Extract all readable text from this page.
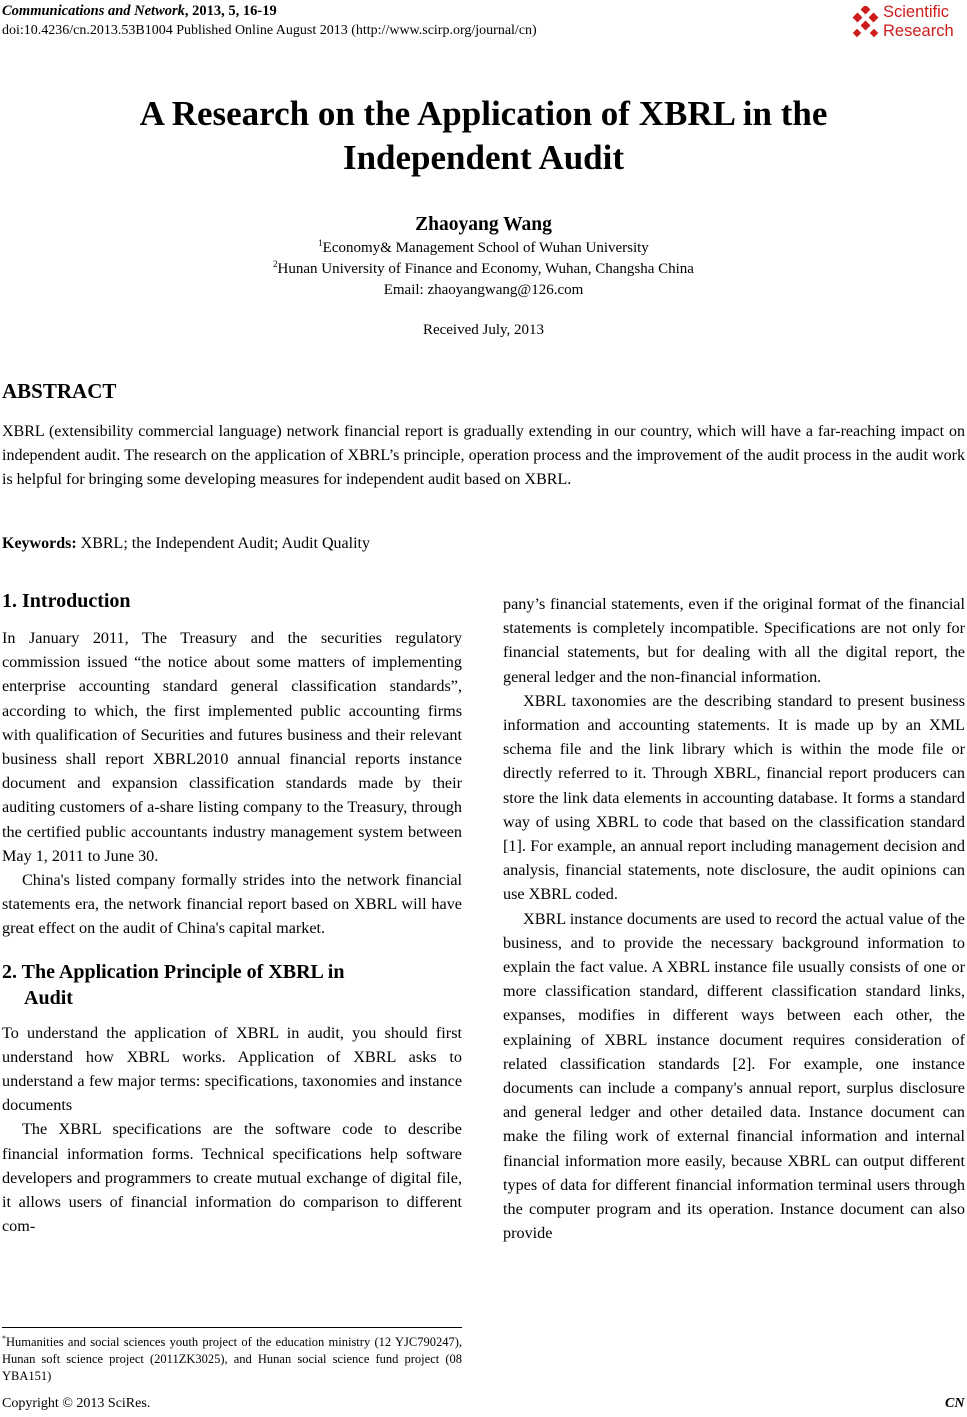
Communications and Network, 2013, 5, 16-19
doi:10.4236/cn.2013.53B1004 Published Online August 2013 (http://www.scirp.org/journal/cn)
Scientific
Research
A Research on the Application of XBRL in the
Independent Audit
Zhaoyang Wang
$^1$Economy& Management School of Wuhan University
$^2$Hunan University of Finance and Economy, Wuhan, Changsha China
Email: zhaoyangwang@126.com
Received July, 2013
ABSTRACT
XBRL (extensibility commercial language) network financial report is gradually extending in our country, which will have a far-reaching impact on independent audit. The research on the application of XBRL’s principle, operation process and the improvement of the audit process in the audit work is helpful for bringing some developing measures for independent audit based on XBRL.
Keywords: XBRL; the Independent Audit; Audit Quality
1. Introduction

In January 2011, The Treasury and the securities regulatory commission issued “the notice about some matters of implementing enterprise accounting standard general classification standards”, according to which, the first implemented public accounting firms with qualification of Securities and futures business and their relevant business shall report XBRL2010 annual financial reports instance document and expansion classification standards made by their auditing customers of a-share listing company to the Treasury, through the certified public accountants industry management system between May 1, 2011 to June 30.

China's listed company formally strides into the network financial statements era, the network financial report based on XBRL will have great effect on the audit of China's capital market.

2. The Application Principle of XBRL in
Audit

To understand the application of XBRL in audit, you should first understand how XBRL works. Application of XBRL asks to understand a few major terms: specifications, taxonomies and instance documents

The XBRL specifications are the software code to describe financial information forms. Technical specifications help software developers and programmers to create mutual exchange of digital file, it allows users of financial information do comparison to different com-

*Humanities and social sciences youth project of the education ministry (12 YJC790247), Hunan soft science project (2011ZK3025), and Hunan social science fund project (08 YBA151)

pany’s financial statements, even if the original format of the financial statements is completely incompatible. Specifications are not only for financial statements, but for dealing with all the digital report, the general ledger and the non-financial information.

XBRL taxonomies are the describing standard to present business information and accounting statements. It is made up by an XML schema file and the link library which is within the mode file or directly referred to it. Through XBRL, financial report producers can store the link data elements in accounting database. It forms a standard way of using XBRL to code that based on the classification standard [1]. For example, an annual report including management decision and analysis, financial statements, note disclosure, the audit opinions can use XBRL coded.

XBRL instance documents are used to record the actual value of the business, and to provide the necessary background information to explain the fact value. A XBRL instance file usually consists of one or more classification standard, different classification standard links, expanses, modifies in different ways between each other, the explaining of XBRL instance document requires consideration of related classification standards [2]. For example, one instance documents can include a company's annual report, surplus disclosure and general ledger and other detailed data. Instance document can make the filing work of external financial information and internal financial information more easily, because XBRL can output different types of data for different financial information terminal users through the computer program and its operation. Instance document can also provide

Copyright © 2013 SciRes.	CN
